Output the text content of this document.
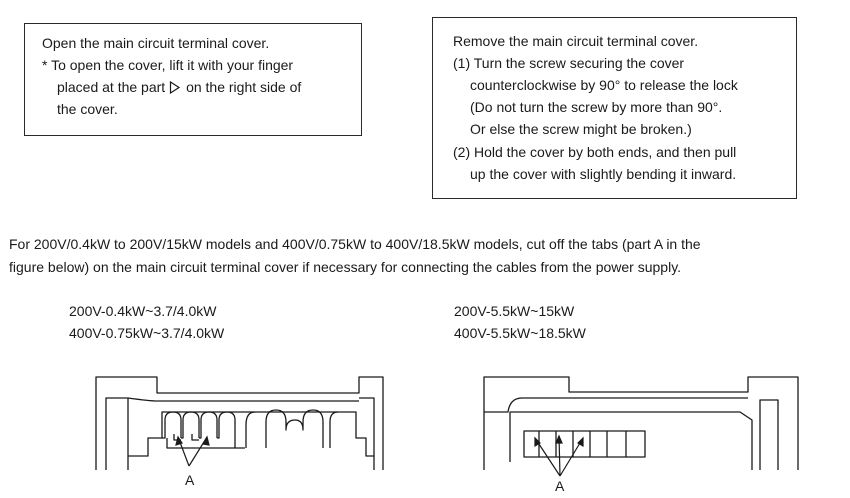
Open the main circuit terminal cover.
* To open the cover, lift it with your finger
placed at the part on the right side of
the cover.
Remove the main circuit terminal cover.
(1) Turn the screw securing the cover
counterclockwise by 90° to release the lock
(Do not turn the screw by more than 90°.
Or else the screw might be broken.)
(2) Hold the cover by both ends, and then pull
up the cover with slightly bending it inward.
For 200V/0.4kW to 200V/15kW models and 400V/0.75kW to 400V/18.5kW models, cut off the tabs (part A in the
figure below) on the main circuit terminal cover if necessary for connecting the cables from the power supply.
200V-0.4kW~3.7/4.0kW
400V-0.75kW~3.7/4.0kW
200V-5.5kW~15kW
400V-5.5kW~18.5kW
A	A
